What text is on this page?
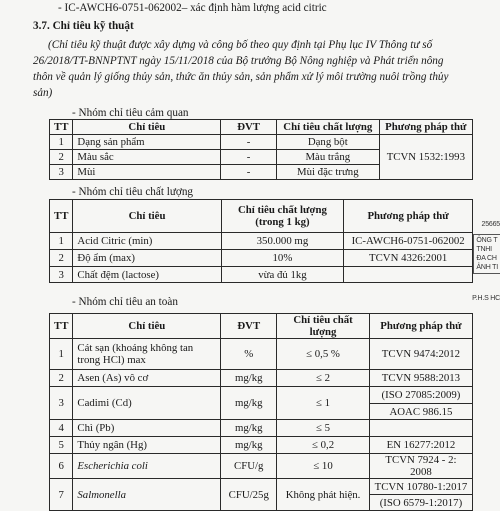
- IC-AWCH6-0751-062002– xác định hàm lượng acid citric
3.7. Chỉ tiêu kỹ thuật
(Chỉ tiêu kỹ thuật được xây dựng và công bố theo quy định tại Phụ lục IV Thông tư số
26/2018/TT-BNNPTNT ngày 15/11/2018 của Bộ trưởng Bộ Nông nghiệp và Phát triển nông
thôn về quản lý giống thủy sản, thức ăn thủy sản, sản phẩm xử lý môi trường nuôi trồng thủy
sản)
- Nhóm chỉ tiêu cảm quan
TT	Chỉ tiêu	ĐVT	Chỉ tiêu chất lượng	Phương pháp thử
1	Dạng sản phẩm	-	Dạng bột	TCVN 1532:1993
2	Màu sắc	-	Màu trắng	
3	Mùi	-	Mùi đặc trưng	
- Nhóm chỉ tiêu chất lượng
TT	Chỉ tiêu	Chỉ tiêu chất lượng (trong 1 kg)	Phương pháp thử
1	Acid Citric (min)	350.000 mg	IC-AWCH6-0751-062002
2	Độ ẩm (max)	10%	TCVN 4326:2001
3	Chất đệm (lactose)	vừa đủ 1kg	
- Nhóm chỉ tiêu an toàn
TT	Chỉ tiêu	ĐVT	Chỉ tiêu chất lượng	Phương pháp thử
1	Cát sạn (khoáng không tan trong HCl) max	%	≤ 0,5 %	TCVN 9474:2012
2	Asen (As) vô cơ	mg/kg	≤ 2	TCVN 9588:2013
3	Cadimi (Cd)	mg/kg	≤ 1	(ISO 27085:2009)
				AOAC 986.15
4	Chì (Pb)	mg/kg	≤ 5	
5	Thủy ngân (Hg)	mg/kg	≤ 0,2	EN 16277:2012
6	Escherichia coli	CFU/g	≤ 10	TCVN 7924 - 2: 2008
7	Salmonella	CFU/25g	Không phát hiện.	TCVN 10780-1:2017
				(ISO 6579-1:2017)
25665
ÔNG T
TNHI
ĐA CH
ẢNH TI
P.H.S HC
